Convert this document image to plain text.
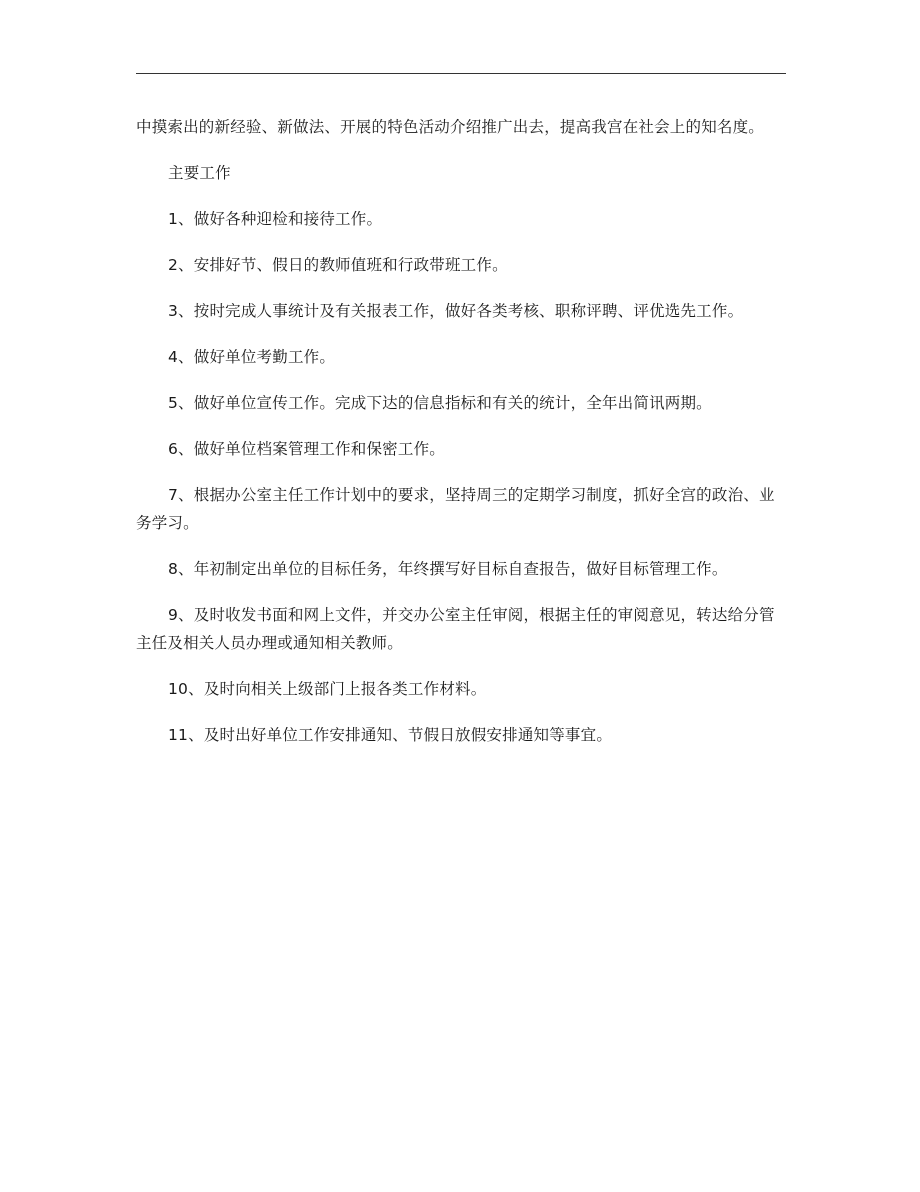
中摸索出的新经验、新做法、开展的特色活动介绍推广出去，提高我宫在社会上的知名度。

主要工作

1、做好各种迎检和接待工作。

2、安排好节、假日的教师值班和行政带班工作。

3、按时完成人事统计及有关报表工作，做好各类考核、职称评聘、评优选先工作。

4、做好单位考勤工作。

5、做好单位宣传工作。完成下达的信息指标和有关的统计，全年出简讯两期。

6、做好单位档案管理工作和保密工作。

7、根据办公室主任工作计划中的要求，坚持周三的定期学习制度，抓好全宫的政治、业务学习。

8、年初制定出单位的目标任务，年终撰写好目标自查报告，做好目标管理工作。

9、及时收发书面和网上文件，并交办公室主任审阅，根据主任的审阅意见，转达给分管主任及相关人员办理或通知相关教师。

10、及时向相关上级部门上报各类工作材料。

11、及时出好单位工作安排通知、节假日放假安排通知等事宜。
